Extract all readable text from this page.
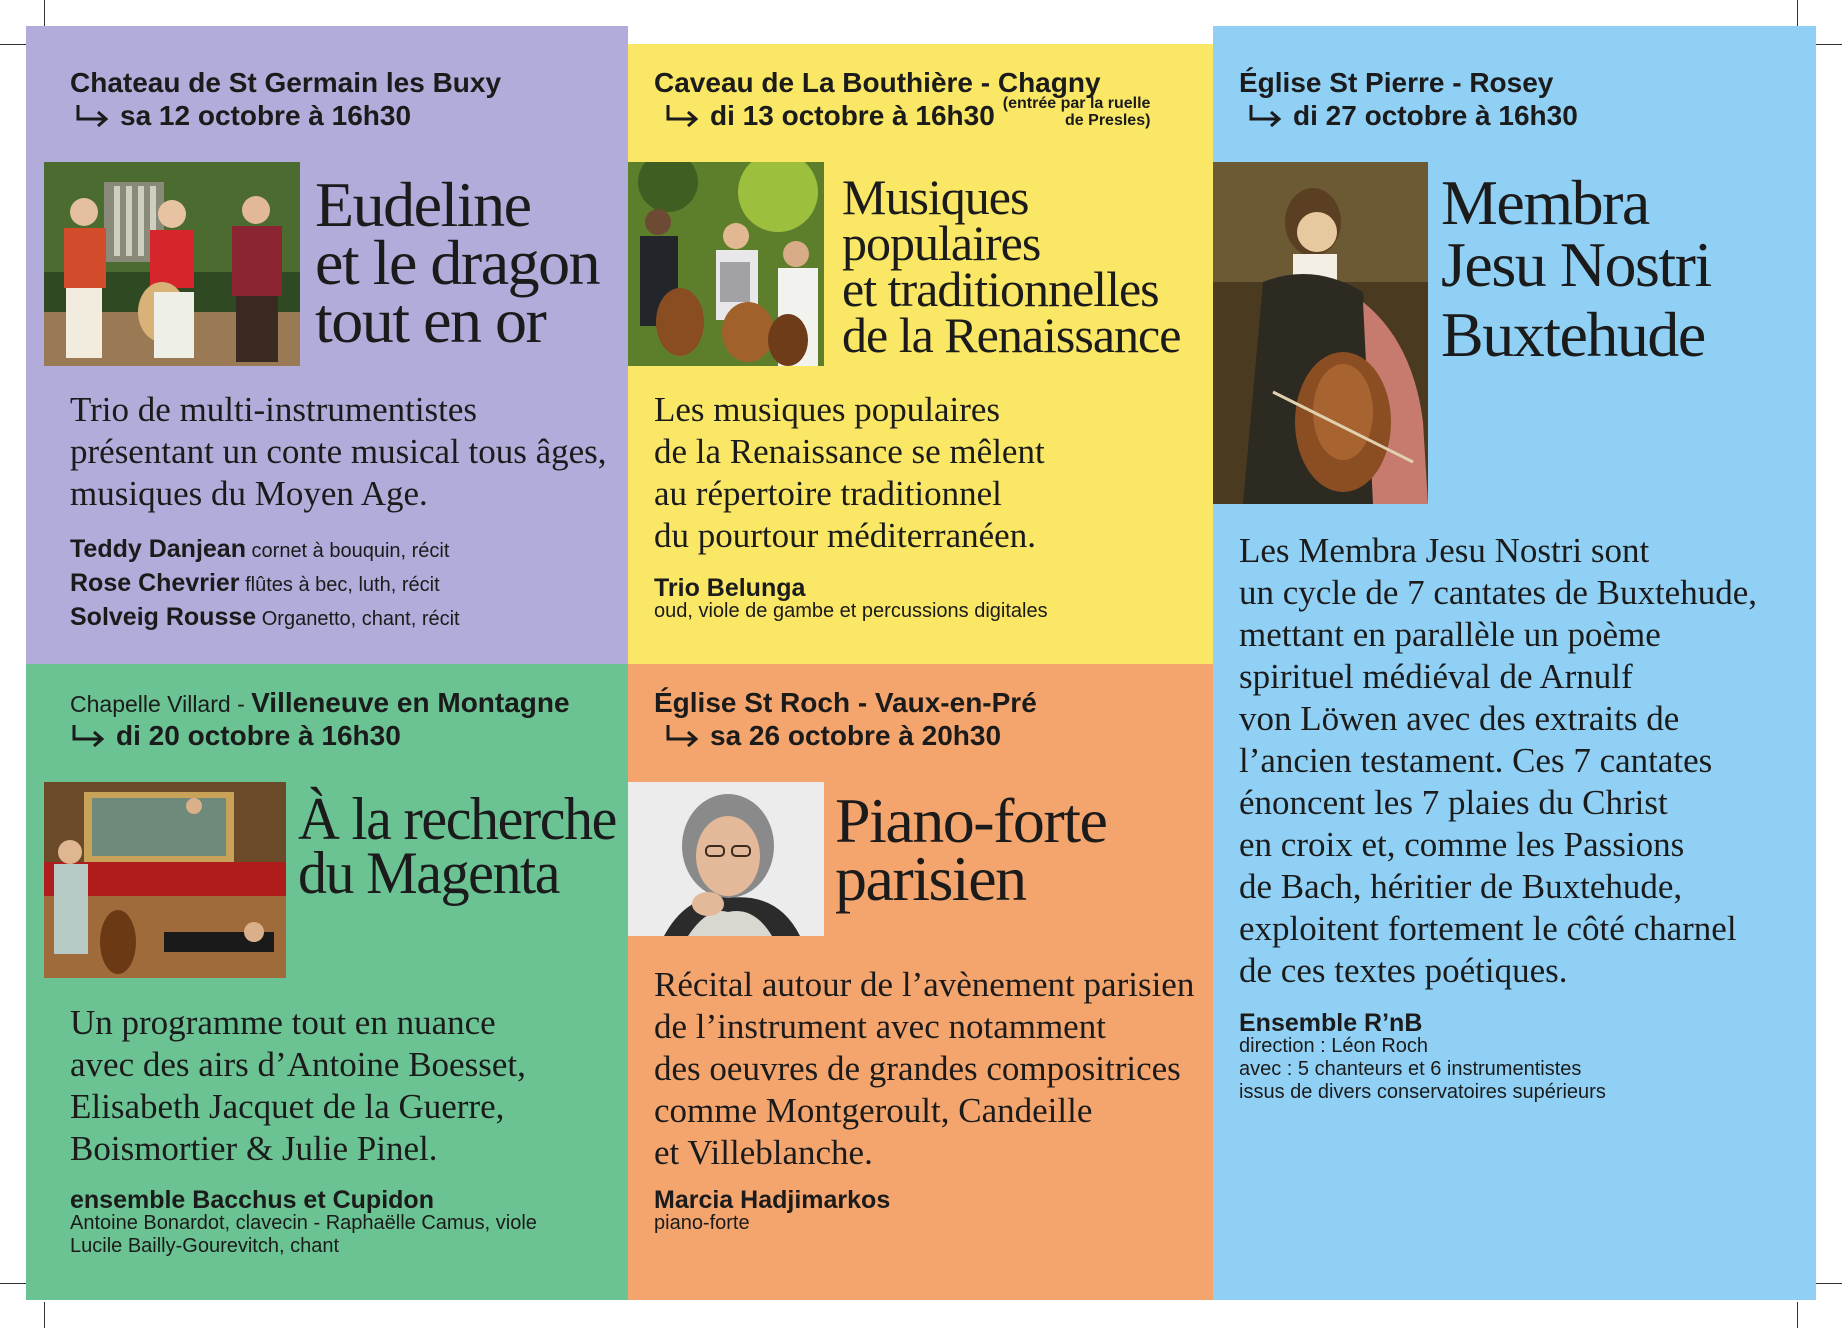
Chateau de St Germain les Buxy
sa 12 octobre à 16h30
Eudeline
et le dragon
tout en or
Trio de multi-instrumentistes
présentant un conte musical tous âges,
musiques du Moyen Age.
Teddy Danjean cornet à bouquin, récit
Rose Chevrier flûtes à bec, luth, récit
Solveig Rousse Organetto, chant, récit
Caveau de La Bouthière - Chagny
di 13 octobre à 16h30 (entrée par la ruelle
de Presles)
Musiques
populaires
et traditionnelles
de la Renaissance
Les musiques populaires
de la Renaissance se mêlent
au répertoire traditionnel
du pourtour méditerranéen.
Trio Belunga
oud, viole de gambe et percussions digitales
Église St Pierre - Rosey
di 27 octobre à 16h30
Membra
Jesu Nostri
Buxtehude
Les Membra Jesu Nostri sont
un cycle de 7 cantates de Buxtehude,
mettant en parallèle un poème
spirituel médiéval de Arnulf
von Löwen avec des extraits de
l’ancien testament. Ces 7 cantates
énoncent les 7 plaies du Christ
en croix et, comme les Passions
de Bach, héritier de Buxtehude,
exploitent fortement le côté charnel
de ces textes poétiques.
Ensemble R’nB
direction : Léon Roch
avec : 5 chanteurs et 6 instrumentistes
issus de divers conservatoires supérieurs
Chapelle Villard - Villeneuve en Montagne
di 20 octobre à 16h30
À la recherche
du Magenta
Un programme tout en nuance
avec des airs d’Antoine Boesset,
Elisabeth Jacquet de la Guerre,
Boismortier & Julie Pinel.
ensemble Bacchus et Cupidon
Antoine Bonardot, clavecin - Raphaëlle Camus, viole
Lucile Bailly-Gourevitch, chant
Église St Roch - Vaux-en-Pré
sa 26 octobre à 20h30
Piano-forte
parisien
Récital autour de l’avènement parisien
de l’instrument avec notamment
des oeuvres de grandes compositrices
comme Montgeroult, Candeille
et Villeblanche.
Marcia Hadjimarkos
piano-forte
